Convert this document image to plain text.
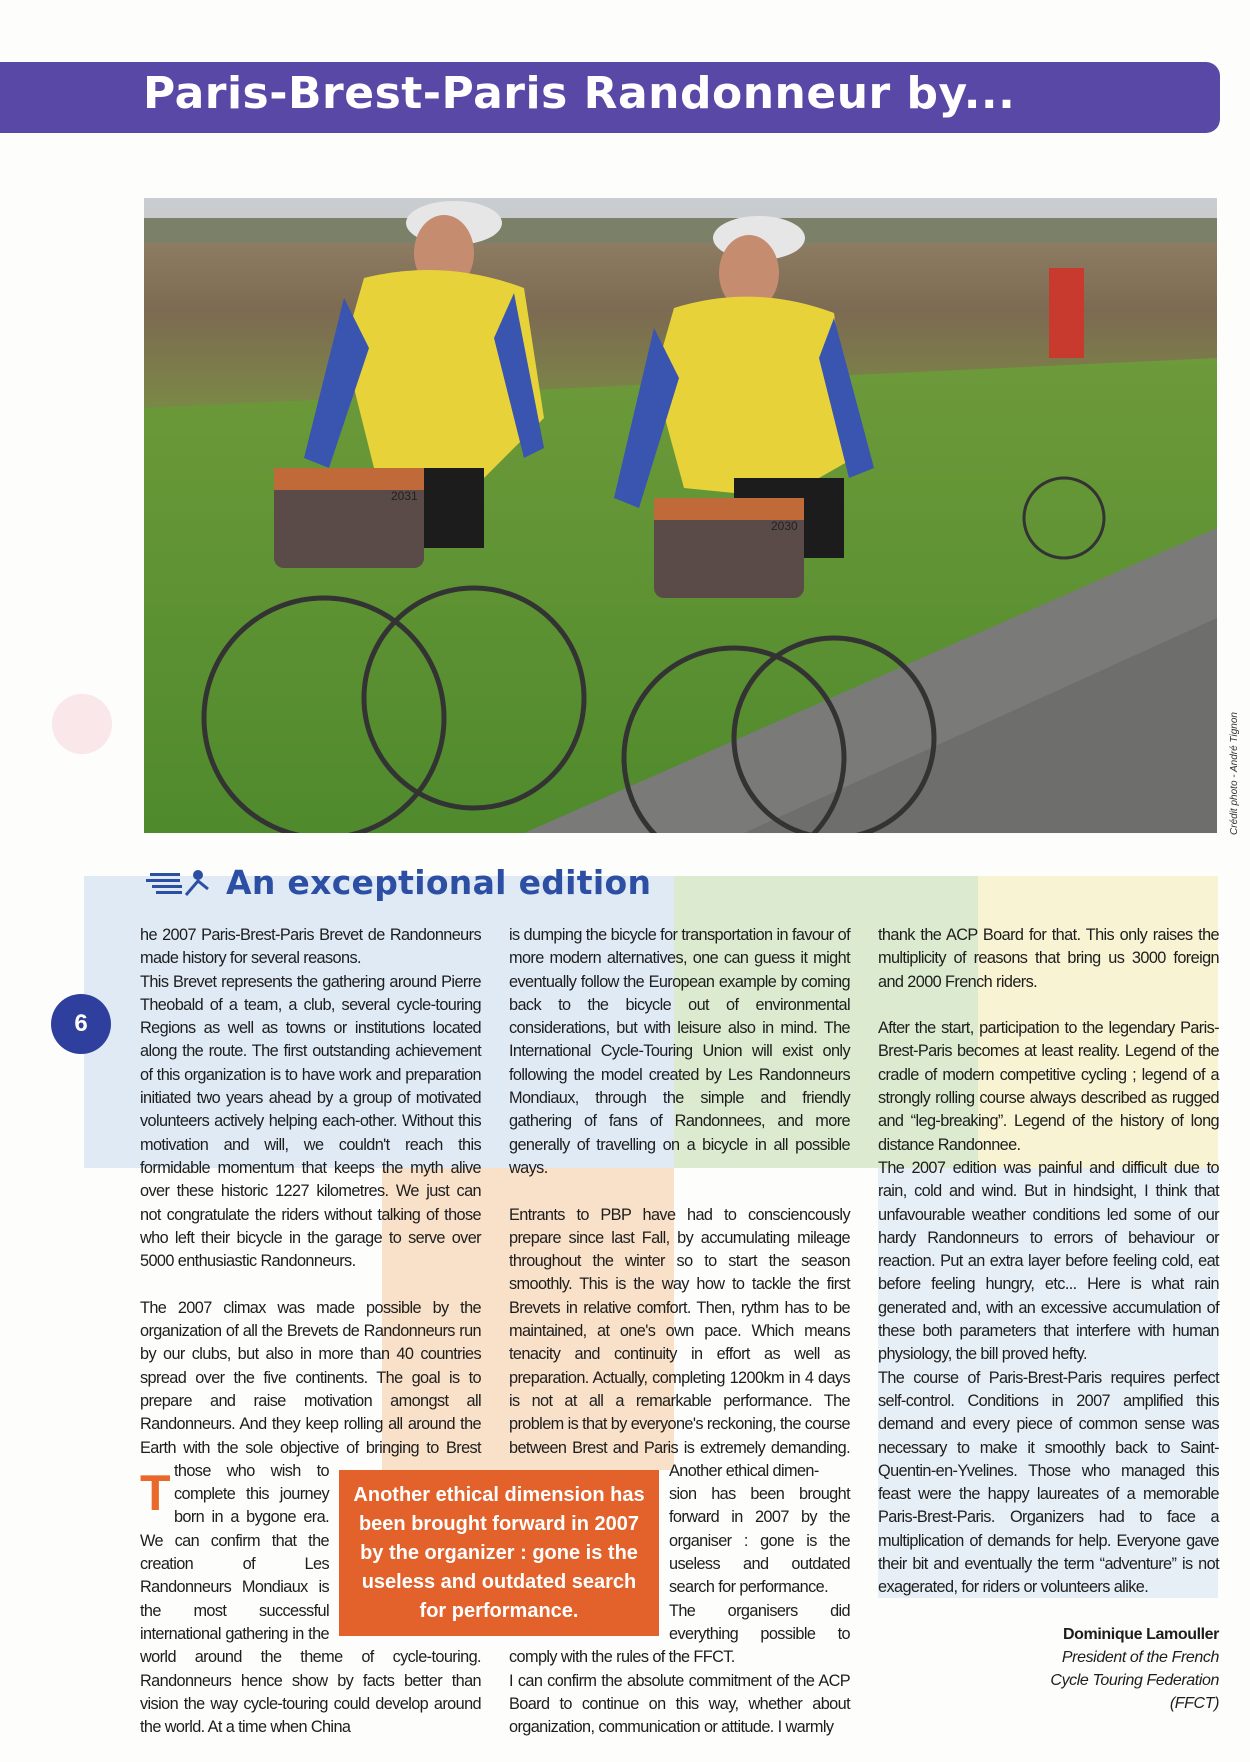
Paris-Brest-Paris Randonneur by...
2031
2030
Crédit photo - André Tignon
An exceptional edition
6

T
he 2007 Paris-Brest-Paris Brevet de Randonneurs made history for several reasons.

This Brevet represents the gathering around Pierre Theobald of a team, a club, several cycle-touring Regions as well as towns or institutions located along the route. The first outstanding achievement of this organization is to have work and preparation initiated two years ahead by a group of motivated volunteers actively helping each-other. Without this motivation and will, we couldn't reach this formidable momentum that keeps the myth alive over these historic 1227 kilometres. We just can not congratulate the riders without talking of those who left their bicycle in the garage to serve over 5000 enthusiastic Randonneurs.

The 2007 climax was made possible by the organization of all the Brevets de Randonneurs run by our clubs, but also in more than 40 countries spread over the five continents. The goal is to prepare and raise motivation amongst all Randonneurs. And they keep rolling all around the Earth with the sole objective of bringing to Brest those who wish to complete this journey born in a bygone era. We can confirm that the creation of Les Randonneurs Mondiaux is the most successful international gathering in the world around the theme of cycle-touring. Randonneurs hence show by facts better than vision the way cycle-touring could develop around the world. At a time when China

is dumping the bicycle for transportation in favour of more modern alternatives, one can guess it might eventually follow the European example by coming back to the bicycle out of environmental considerations, but with leisure also in mind. The International Cycle-Touring Union will exist only following the model created by Les Randonneurs Mondiaux, through the simple and friendly gathering of fans of Randonnees, and more generally of travelling on a bicycle in all possible ways.

Entrants to PBP have had to consciencously prepare since last Fall, by accumulating mileage throughout the winter so to start the season smoothly. This is the way how to tackle the first Brevets in relative comfort. Then, rythm has to be maintained, at one's own pace. Which means tenacity and continuity in effort as well as preparation. Actually, completing 1200km in 4 days is not at all a remarkable performance. The problem is that by everyone's reckoning, the course between Brest and Paris is extremely demanding. Another ethical dimen-

sion has been brought forward in 2007 by the organiser : gone is the useless and outdated search for performance.

The organisers did everything possible to comply with the rules of the FFCT.

I can confirm the absolute commitment of the ACP Board to continue on this way, whether about organization, communication or attitude. I warmly

thank the ACP Board for that. This only raises the multiplicity of reasons that bring us 3000 foreign and 2000 French riders.

After the start, participation to the legendary Paris-Brest-Paris becomes at least reality. Legend of the cradle of modern competitive cycling ; legend of a strongly rolling course always described as rugged and “leg-breaking”. Legend of the history of long distance Randonnee.

The 2007 edition was painful and difficult due to rain, cold and wind. But in hindsight, I think that unfavourable weather conditions led some of our hardy Randonneurs to errors of behaviour or reaction. Put an extra layer before feeling cold, eat before feeling hungry, etc... Here is what rain generated and, with an excessive accumulation of these both parameters that interfere with human physiology, the bill proved hefty.

The course of Paris-Brest-Paris requires perfect self-control. Conditions in 2007 amplified this demand and every piece of common sense was necessary to make it smoothly back to Saint-Quentin-en-Yvelines. Those who managed this feast were the happy laureates of a memorable Paris-Brest-Paris. Organizers had to face a multiplication of demands for help. Everyone gave their bit and eventually the term “adventure” is not exagerated, for riders or volunteers alike.

Dominique Lamouller
President of the French
Cycle Touring Federation
(FFCT)
Another ethical dimension has been brought forward in 2007 by the organizer : gone is the useless and outdated search for performance.
